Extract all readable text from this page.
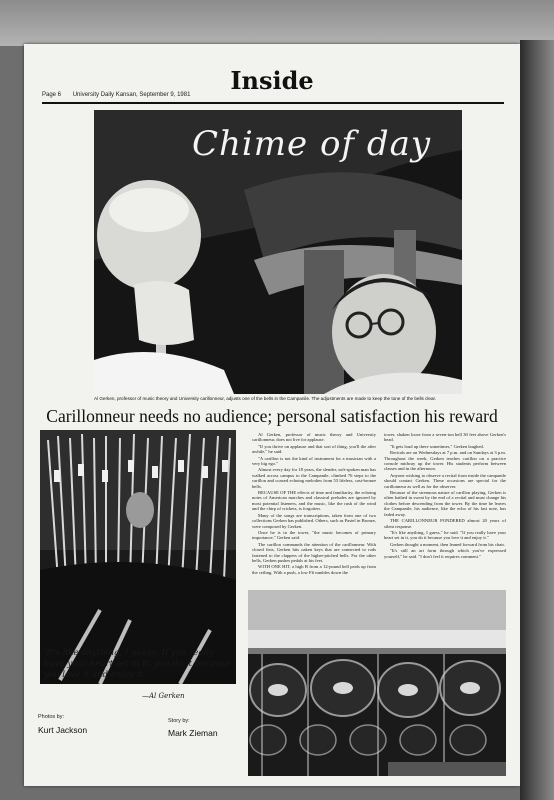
Inside
Page 6 University Daily Kansan, September 9, 1981
Chime of day
Al Gerken, professor of music theory and University carillonneur, adjusts one of the bells in the Campanile. The adjustments are made to keep the tone of the bells clear.
Carillonneur needs no audience; personal satisfaction his reward

Al Gerken, professor of music theory and University carillonneur, does not live for applause.

"If you thrive on applause and that sort of thing, you'll die after awhile," he said.

"A carillon is not the kind of instrument for a musician with a very big ego."

Almost every day for 18 years, the slender, soft-spoken man has walked across campus to the Campanile, climbed 76 steps to the carillon and coaxed echoing melodies from 53 lifeless, cast-bronze bells.

BECAUSE OF THE effects of time and familiarity, the echoing notes of American marches and classical preludes are ignored by most potential listeners, and the music, like the rush of the wind and the chirp of crickets, is forgotten.

Many of the songs are transcriptions, taken from one of two collections Gerken has published. Others, such as Pastel in Bronze, were composed by Gerken.

Once he is in the tower, "the music becomes of primary importance," Gerken said.

The carillon commands the attention of the carillonneur. With closed fists, Gerken hits oaken keys that are connected to rods fastened to the clappers of the higher-pitched bells. For the other bells, Gerken pushes pedals at his feet.

WITH ONE HIT, a high B from a 12-pound bell peals up from the ceiling. With a push, a low F# rumbles down the

tower, shaken loose from a seven-ton bell 30 feet above Gerken's head.

"It gets loud up there sometimes," Gerken laughed.

Recitals are on Wednesdays at 7 p.m. and on Sundays at 3 p.m. Throughout the week, Gerken teaches carillon on a practice console midway up the tower. His students perform between classes and in the afternoon.

Anyone wishing to observe a recital from inside the campanile should contact Gerken. These occasions are special for the carillonneur as well as for the observer.

Because of the strenuous nature of carillon playing, Gerken is often bathed in sweat by the end of a recital and must change his clothes before descending from the tower. By the time he leaves the Campanile, his audience, like the echo of his last note, has faded away.

THE CARILLONNEUR PONDERED almost 20 years of silent response.

"It's like anything, I guess," he said. "If you really have your heart set in it, you do it because you love it and enjoy it."

Gerken thought a moment, then leaned forward from his chair.

"It's still an art form through which you've expressed yourself," he said. "I don't feel it requires comment."

'It's like anything, I guess. If you really have your heart set in it, you do it because you love it and enjoy it.'
—Al Gerken
Photos by:
Kurt Jackson
Story by:
Mark Zieman
